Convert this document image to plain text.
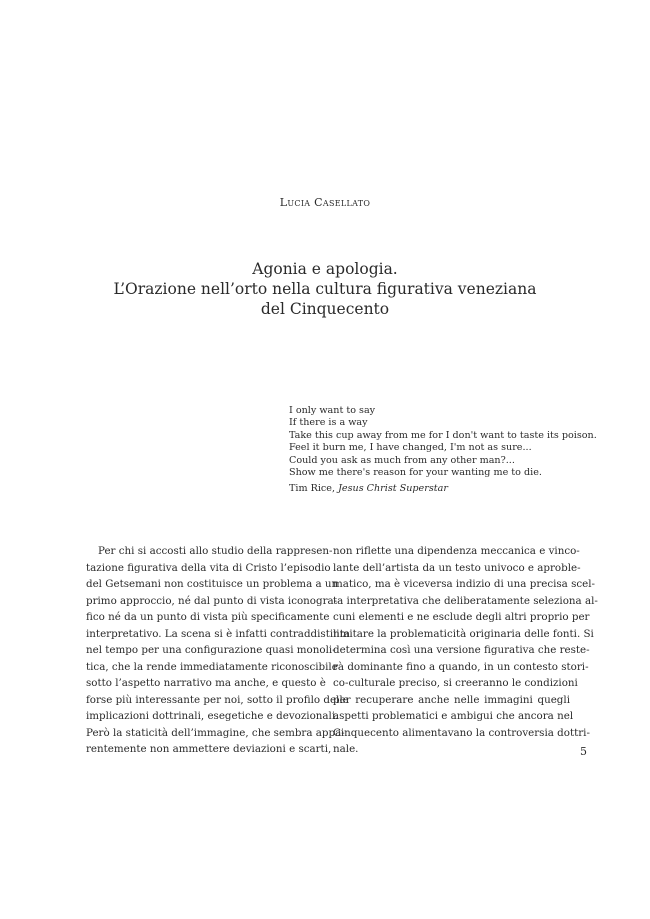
Lucia Casellato
Agonia e apologia.
L’Orazione nell’orto nella cultura figurativa veneziana
del Cinquecento
I only want to say
If there is a way
Take this cup away from me for I don't want to taste its poison.
Feel it burn me, I have changed, I'm not as sure...
Could you ask as much from any other man?...
Show me there's reason for your wanting me to die.
Tim Rice, Jesus Christ Superstar
Per chi si accosti allo studio della rappresen-
tazione figurativa della vita di Cristo l’episodio
del Getsemani non costituisce un problema a un
primo approccio, né dal punto di vista iconogra-
fico né da un punto di vista più specificamente
interpretativo. La scena si è infatti contraddistinta
nel tempo per una configurazione quasi monoli-
tica, che la rende immediatamente riconoscibile
sotto l’aspetto narrativo ma anche, e questo è
forse più interessante per noi, sotto il profilo delle
implicazioni dottrinali, esegetiche e devozionali.
Però la staticità dell’immagine, che sembra appa-
rentemente non ammettere deviazioni e scarti,
non riflette una dipendenza meccanica e vinco-
lante dell’artista da un testo univoco e aproble-
matico, ma è viceversa indizio di una precisa scel-
ta interpretativa che deliberatamente seleziona al-
cuni elementi e ne esclude degli altri proprio per
limitare la problematicità originaria delle fonti. Si
determina così una versione figurativa che reste-
rà dominante fino a quando, in un contesto stori-
co-culturale preciso, si creeranno le condizioni
per recuperare anche nelle immagini quegli
aspetti problematici e ambigui che ancora nel
Cinquecento alimentavano la controversia dottri-
nale.	5
